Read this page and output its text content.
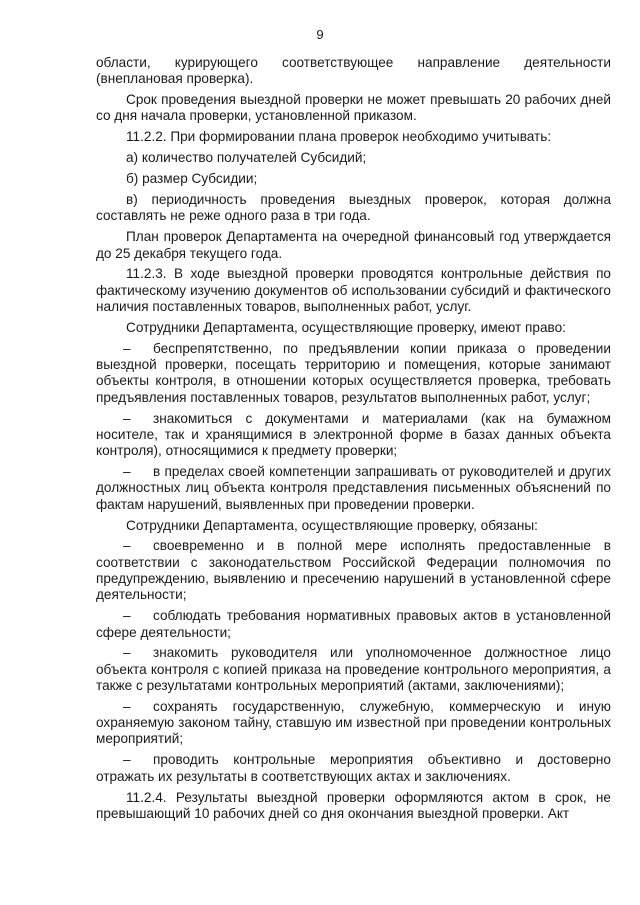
9

области, курирующего соответствующее направление деятельности (внеплановая проверка).

Срок проведения выездной проверки не может превышать 20 рабочих дней со дня начала проверки, установленной приказом.

11.2.2. При формировании плана проверок необходимо учитывать:

а) количество получателей Субсидий;

б) размер Субсидии;

в) периодичность проведения выездных проверок, которая должна составлять не реже одного раза в три года.

План проверок Департамента на очередной финансовый год утверждается до 25 декабря текущего года.

11.2.3. В ходе выездной проверки проводятся контрольные действия по фактическому изучению документов об использовании субсидий и фактического наличия поставленных товаров, выполненных работ, услуг.

Сотрудники Департамента, осуществляющие проверку, имеют право:

– беспрепятственно, по предъявлении копии приказа о проведении выездной проверки, посещать территорию и помещения, которые занимают объекты контроля, в отношении которых осуществляется проверка, требовать предъявления поставленных товаров, результатов выполненных работ, услуг;

– знакомиться с документами и материалами (как на бумажном носителе, так и хранящимися в электронной форме в базах данных объекта контроля), относящимися к предмету проверки;

– в пределах своей компетенции запрашивать от руководителей и других должностных лиц объекта контроля представления письменных объяснений по фактам нарушений, выявленных при проведении проверки.

Сотрудники Департамента, осуществляющие проверку, обязаны:

– своевременно и в полной мере исполнять предоставленные в соответствии с законодательством Российской Федерации полномочия по предупреждению, выявлению и пресечению нарушений в установленной сфере деятельности;

– соблюдать требования нормативных правовых актов в установленной сфере деятельности;

– знакомить руководителя или уполномоченное должностное лицо объекта контроля с копией приказа на проведение контрольного мероприятия, а также с результатами контрольных мероприятий (актами, заключениями);

– сохранять государственную, служебную, коммерческую и иную охраняемую законом тайну, ставшую им известной при проведении контрольных мероприятий;

– проводить контрольные мероприятия объективно и достоверно отражать их результаты в соответствующих актах и заключениях.

11.2.4. Результаты выездной проверки оформляются актом в срок, не превышающий 10 рабочих дней со дня окончания выездной проверки. Акт
